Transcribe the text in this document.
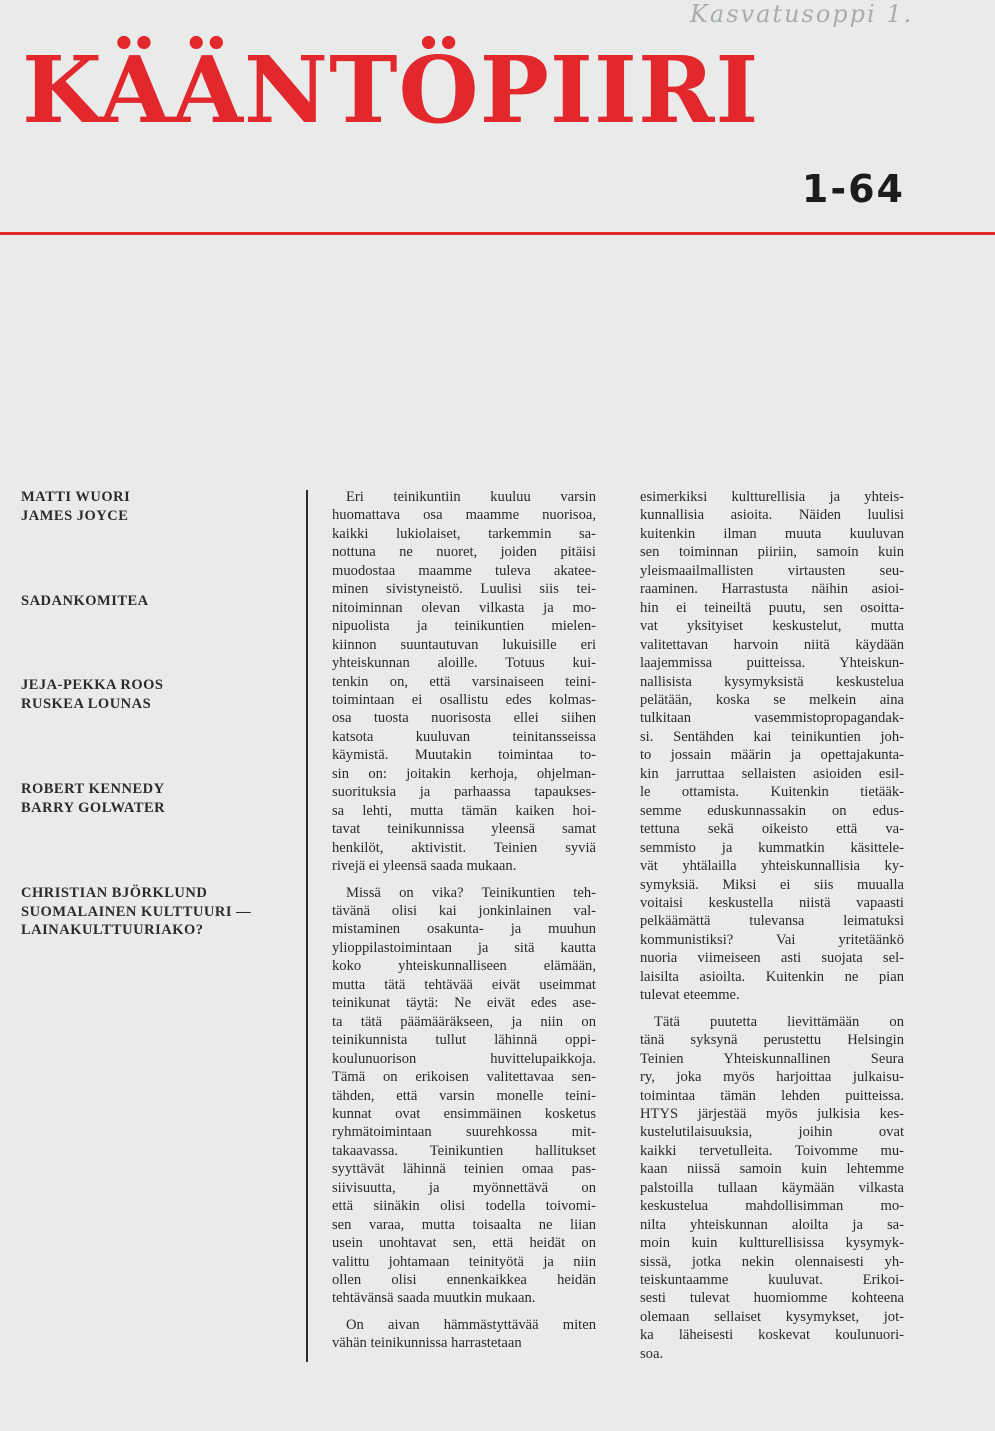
Kasvatusoppi 1.
KÄÄNTÖPIIRI
1-64
MATTI WUORI
JAMES JOYCE
SADANKOMITEA
JEJA-PEKKA ROOS
RUSKEA LOUNAS
ROBERT KENNEDY
BARRY GOLWATER
CHRISTIAN BJÖRKLUND
SUOMALAINEN KULTTUURI —
LAINAKULTTUURIAKO?

Eri teinikuntiin kuuluu varsin
huomattava osa maamme nuorisoa,
kaikki lukiolaiset, tarkemmin sa-
nottuna ne nuoret, joiden pitäisi
muodostaa maamme tuleva akatee-
minen sivistyneistö. Luulisi siis tei-
nitoiminnan olevan vilkasta ja mo-
nipuolista ja teinikuntien mielen-
kiinnon suuntautuvan lukuisille eri
yhteiskunnan aloille. Totuus kui-
tenkin on, että varsinaiseen teini-
toimintaan ei osallistu edes kolmas-
osa tuosta nuorisosta ellei siihen
katsota kuuluvan teinitansseissa
käymistä. Muutakin toimintaa to-
sin on: joitakin kerhoja, ohjelman-
suorituksia ja parhaassa tapaukses-
sa lehti, mutta tämän kaiken hoi-
tavat teinikunnissa yleensä samat
henkilöt, aktivistit. Teinien syviä
rivejä ei yleensä saada mukaan.

Missä on vika? Teinikuntien teh-
tävänä olisi kai jonkinlainen val-
mistaminen osakunta- ja muuhun
ylioppilastoimintaan ja sitä kautta
koko yhteiskunnalliseen elämään,
mutta tätä tehtävää eivät useimmat
teinikunat täytä: Ne eivät edes ase-
ta tätä päämääräkseen, ja niin on
teinikunnista tullut lähinnä oppi-
koulunuorison huvittelupaikkoja.
Tämä on erikoisen valitettavaa sen-
tähden, että varsin monelle teini-
kunnat ovat ensimmäinen kosketus
ryhmätoimintaan suurehkossa mit-
takaavassa. Teinikuntien hallitukset
syyttävät lähinnä teinien omaa pas-
siivisuutta, ja myönnettävä on
että siinäkin olisi todella toivomi-
sen varaa, mutta toisaalta ne liian
usein unohtavat sen, että heidät on
valittu johtamaan teinityötä ja niin
ollen olisi ennenkaikkea heidän
tehtävänsä saada muutkin mukaan.

On aivan hämmästyttävää miten
vähän teinikunnissa harrastetaan

esimerkiksi kultturellisia ja yhteis-
kunnallisia asioita. Näiden luulisi
kuitenkin ilman muuta kuuluvan
sen toiminnan piiriin, samoin kuin
yleismaailmallisten virtausten seu-
raaminen. Harrastusta näihin asioi-
hin ei teineiltä puutu, sen osoitta-
vat yksityiset keskustelut, mutta
valitettavan harvoin niitä käydään
laajemmissa puitteissa. Yhteiskun-
nallisista kysymyksistä keskustelua
pelätään, koska se melkein aina
tulkitaan vasemmistopropagandak-
si. Sentähden kai teinikuntien joh-
to jossain määrin ja opettajakunta-
kin jarruttaa sellaisten asioiden esil-
le ottamista. Kuitenkin tietääk-
semme eduskunnassakin on edus-
tettuna sekä oikeisto että va-
semmisto ja kummatkin käsittele-
vät yhtälailla yhteiskunnallisia ky-
symyksiä. Miksi ei siis muualla
voitaisi keskustella niistä vapaasti
pelkäämättä tulevansa leimatuksi
kommunistiksi? Vai yritetäänkö
nuoria viimeiseen asti suojata sel-
laisilta asioilta. Kuitenkin ne pian
tulevat eteemme.

Tätä puutetta lievittämään on
tänä syksynä perustettu Helsingin
Teinien Yhteiskunnallinen Seura
ry, joka myös harjoittaa julkaisu-
toimintaa tämän lehden puitteissa.
HTYS järjestää myös julkisia kes-
kustelutilaisuuksia, joihin ovat
kaikki tervetulleita. Toivomme mu-
kaan niissä samoin kuin lehtemme
palstoilla tullaan käymään vilkasta
keskustelua mahdollisimman mo-
nilta yhteiskunnan aloilta ja sa-
moin kuin kultturellisissa kysymyk-
sissä, jotka nekin olennaisesti yh-
teiskuntaamme kuuluvat. Erikoi-
sesti tulevat huomiomme kohteena
olemaan sellaiset kysymykset, jot-
ka läheisesti koskevat koulunuori-
soa.
